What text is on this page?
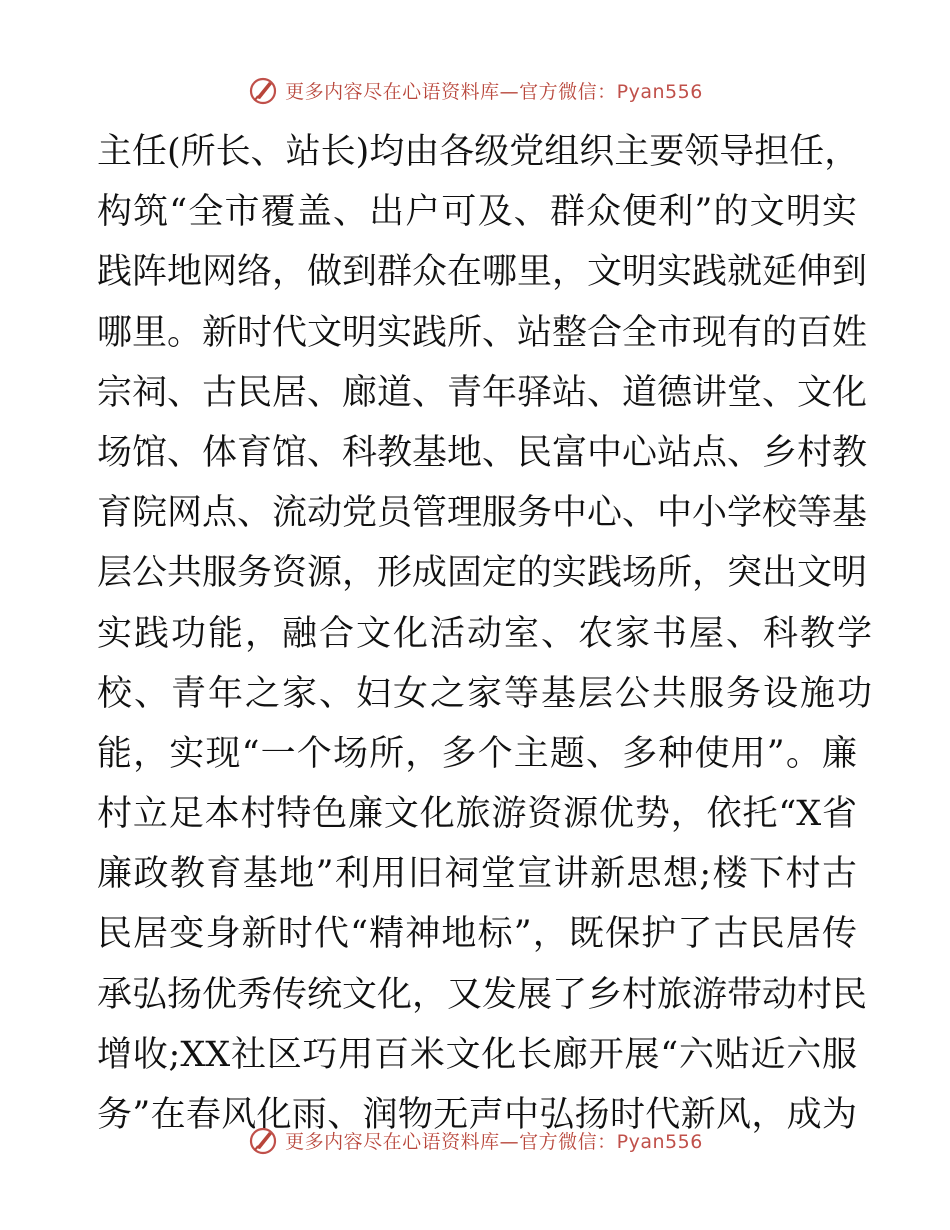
更多内容尽在心语资料库—官方微信：Pyan556
主任(所长、站长)均由各级党组织主要领导担任，
构筑“全市覆盖、出户可及、群众便利”的文明实
践阵地网络，做到群众在哪里，文明实践就延伸到
哪里。新时代文明实践所、站整合全市现有的百姓
宗祠、古民居、廊道、青年驿站、道德讲堂、文化
场馆、体育馆、科教基地、民富中心站点、乡村教
育院网点、流动党员管理服务中心、中小学校等基
层公共服务资源，形成固定的实践场所，突出文明
实践功能，融合文化活动室、农家书屋、科教学
校、青年之家、妇女之家等基层公共服务设施功
能，实现“一个场所，多个主题、多种使用”。廉
村立足本村特色廉文化旅游资源优势，依托“X省
廉政教育基地”利用旧祠堂宣讲新思想;楼下村古
民居变身新时代“精神地标”，既保护了古民居传
承弘扬优秀传统文化，又发展了乡村旅游带动村民
增收;XX社区巧用百米文化长廊开展“六贴近六服
务”在春风化雨、润物无声中弘扬时代新风，成为
更多内容尽在心语资料库—官方微信：Pyan556
